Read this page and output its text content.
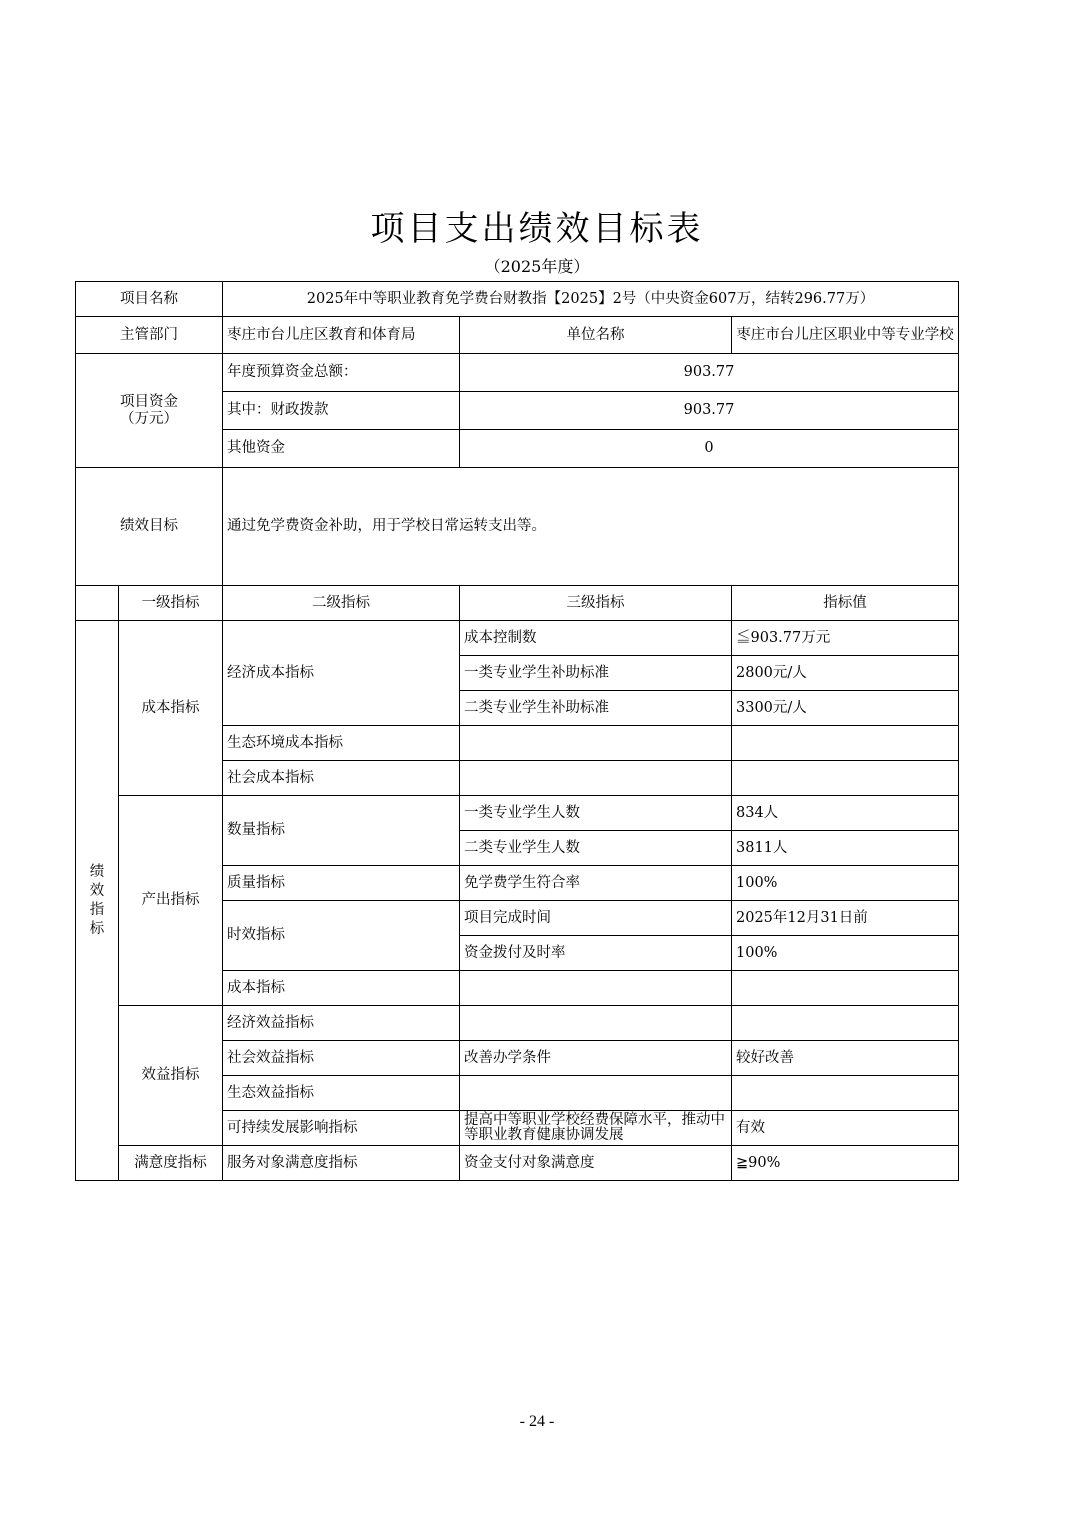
项目支出绩效目标表
（2025年度）
项目名称		2025年中等职业教育免学费台财教指【2025】2号（中央资金607万，结转296.77万）		
主管部门		枣庄市台儿庄区教育和体育局	单位名称	枣庄市台儿庄区职业中等专业学校
项目资金（万元）		年度预算资金总额：	903.77	
		其中：财政拨款	903.77	
		其他资金	0	
绩效目标		通过免学费资金补助，用于学校日常运转支出等。		
	一级指标	二级指标	三级指标	指标值
绩效指标	成本指标	经济成本指标	成本控制数	≦903.77万元
			一类专业学生补助标准	2800元/人
			二类专业学生补助标准	3300元/人
		生态环境成本指标		
		社会成本指标		
	产出指标	数量指标	一类专业学生人数	834人
			二类专业学生人数	3811人
		质量指标	免学费学生符合率	100%
		时效指标	项目完成时间	2025年12月31日前
			资金拨付及时率	100%
		成本指标		
	效益指标	经济效益指标		
		社会效益指标	改善办学条件	较好改善
		生态效益指标		
		可持续发展影响指标	提高中等职业学校经费保障水平，推动中等职业教育健康协调发展	有效
	满意度指标	服务对象满意度指标	资金支付对象满意度	≧90%
- 24 -
